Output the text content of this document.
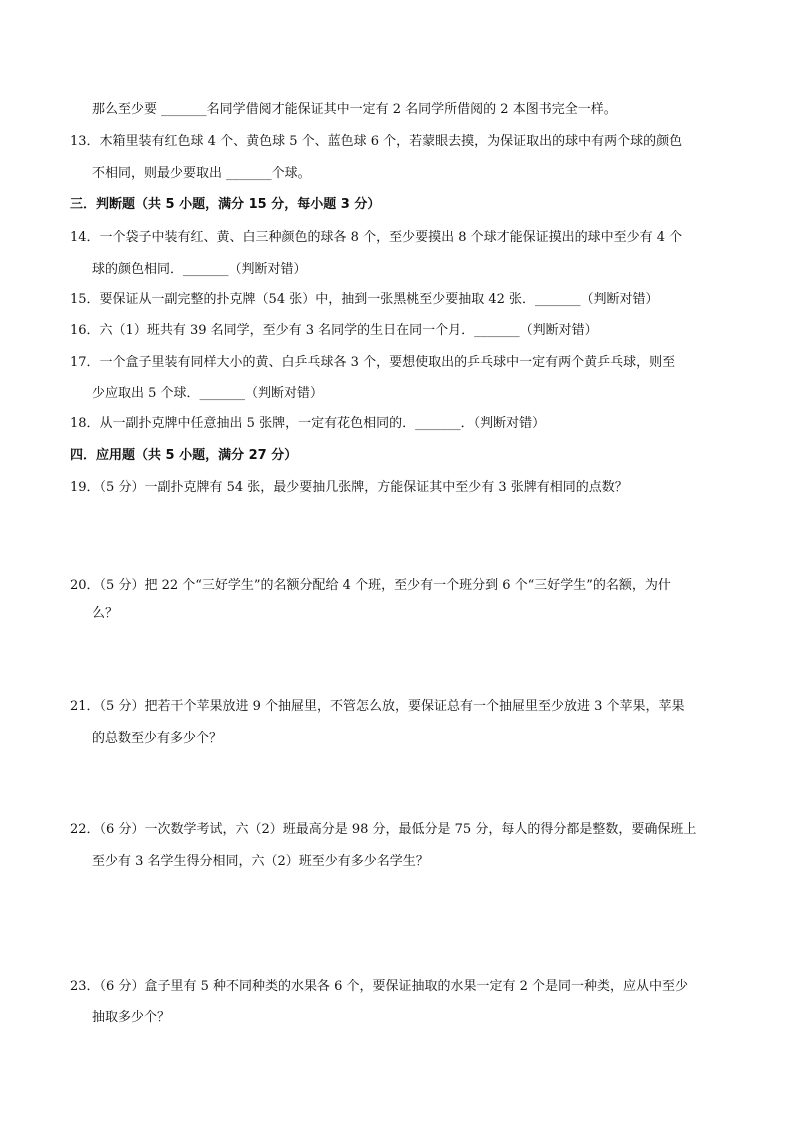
那么至少要 _______名同学借阅才能保证其中一定有 2 名同学所借阅的 2 本图书完全一样。
13．木箱里装有红色球 4 个、黄色球 5 个、蓝色球 6 个，若蒙眼去摸，为保证取出的球中有两个球的颜色
不相同，则最少要取出 _______个球。
三．判断题（共 5 小题，满分 15 分，每小题 3 分）
14．一个袋子中装有红、黄、白三种颜色的球各 8 个，至少要摸出 8 个球才能保证摸出的球中至少有 4 个
球的颜色相同．_______（判断对错）
15．要保证从一副完整的扑克牌（54 张）中，抽到一张黑桃至少要抽取 42 张．_______（判断对错）
16．六（1）班共有 39 名同学，至少有 3 名同学的生日在同一个月．_______（判断对错）
17．一个盒子里装有同样大小的黄、白乒乓球各 3 个，要想使取出的乒乓球中一定有两个黄乒乓球，则至
少应取出 5 个球．_______（判断对错）
18．从一副扑克牌中任意抽出 5 张牌，一定有花色相同的．_______．（判断对错）
四．应用题（共 5 小题，满分 27 分）
19．（5 分）一副扑克牌有 54 张，最少要抽几张牌，方能保证其中至少有 3 张牌有相同的点数？
20．（5 分）把 22 个“三好学生”的名额分配给 4 个班，至少有一个班分到 6 个“三好学生”的名额，为什
么？
21．（5 分）把若干个苹果放进 9 个抽屉里，不管怎么放，要保证总有一个抽屉里至少放进 3 个苹果，苹果
的总数至少有多少个？
22．（6 分）一次数学考试，六（2）班最高分是 98 分，最低分是 75 分，每人的得分都是整数，要确保班上
至少有 3 名学生得分相同，六（2）班至少有多少名学生？
23．（6 分）盒子里有 5 种不同种类的水果各 6 个，要保证抽取的水果一定有 2 个是同一种类，应从中至少
抽取多少个？
